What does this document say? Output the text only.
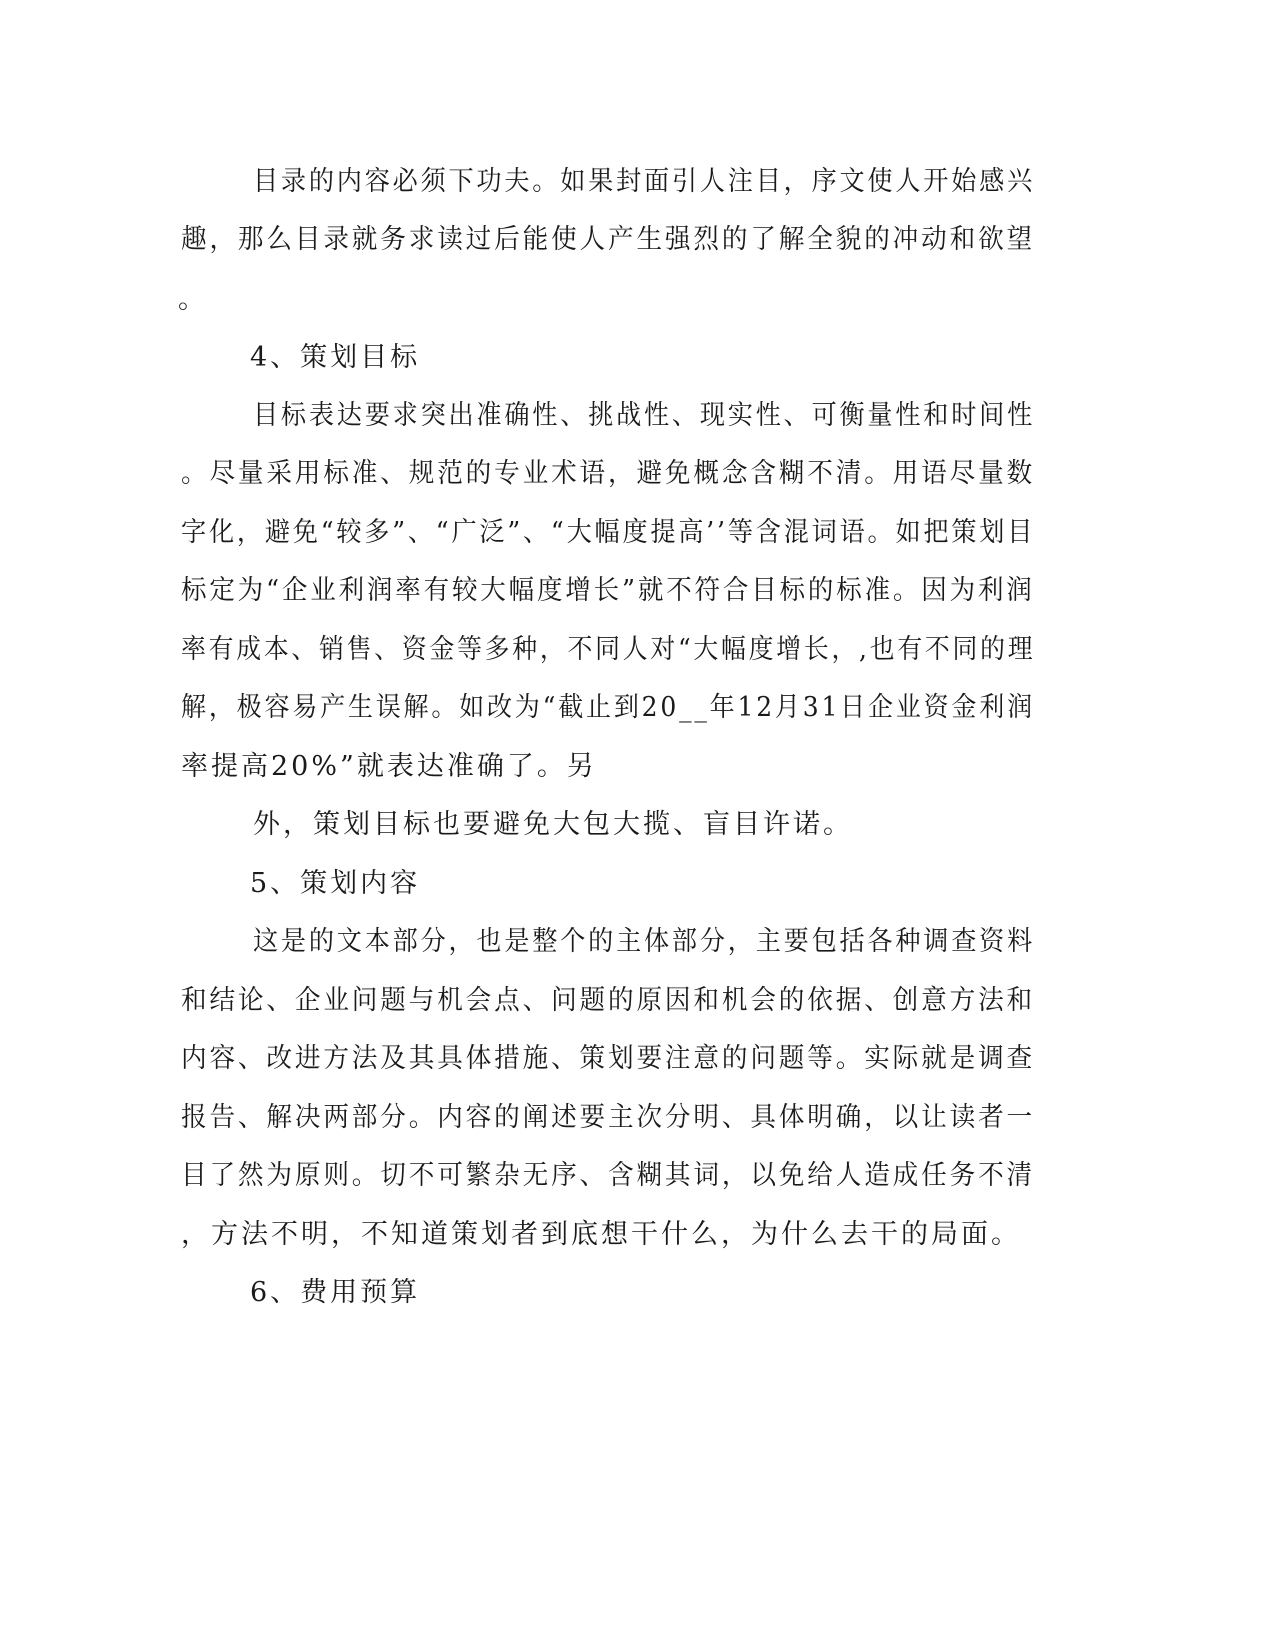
目录的内容必须下功夫。如果封面引人注目，序文使人开始感兴
趣，那么目录就务求读过后能使人产生强烈的了解全貌的冲动和欲望
。
4、策划目标
目标表达要求突出准确性、挑战性、现实性、可衡量性和时间性
。尽量采用标准、规范的专业术语，避免概念含糊不清。用语尽量数
字化，避免“较多”、“广泛”、“大幅度提高’’等含混词语。如把策划目
标定为“企业利润率有较大幅度增长”就不符合目标的标准。因为利润
率有成本、销售、资金等多种，不同人对“大幅度增长，,也有不同的理
解，极容易产生误解。如改为“截止到20__年12月31日企业资金利润
率提高20%”就表达准确了。另
外，策划目标也要避免大包大揽、盲目许诺。
5、策划内容
这是的文本部分，也是整个的主体部分，主要包括各种调查资料
和结论、企业问题与机会点、问题的原因和机会的依据、创意方法和
内容、改进方法及其具体措施、策划要注意的问题等。实际就是调查
报告、解决两部分。内容的阐述要主次分明、具体明确，以让读者一
目了然为原则。切不可繁杂无序、含糊其词，以免给人造成任务不清
，方法不明，不知道策划者到底想干什么，为什么去干的局面。
6、费用预算
